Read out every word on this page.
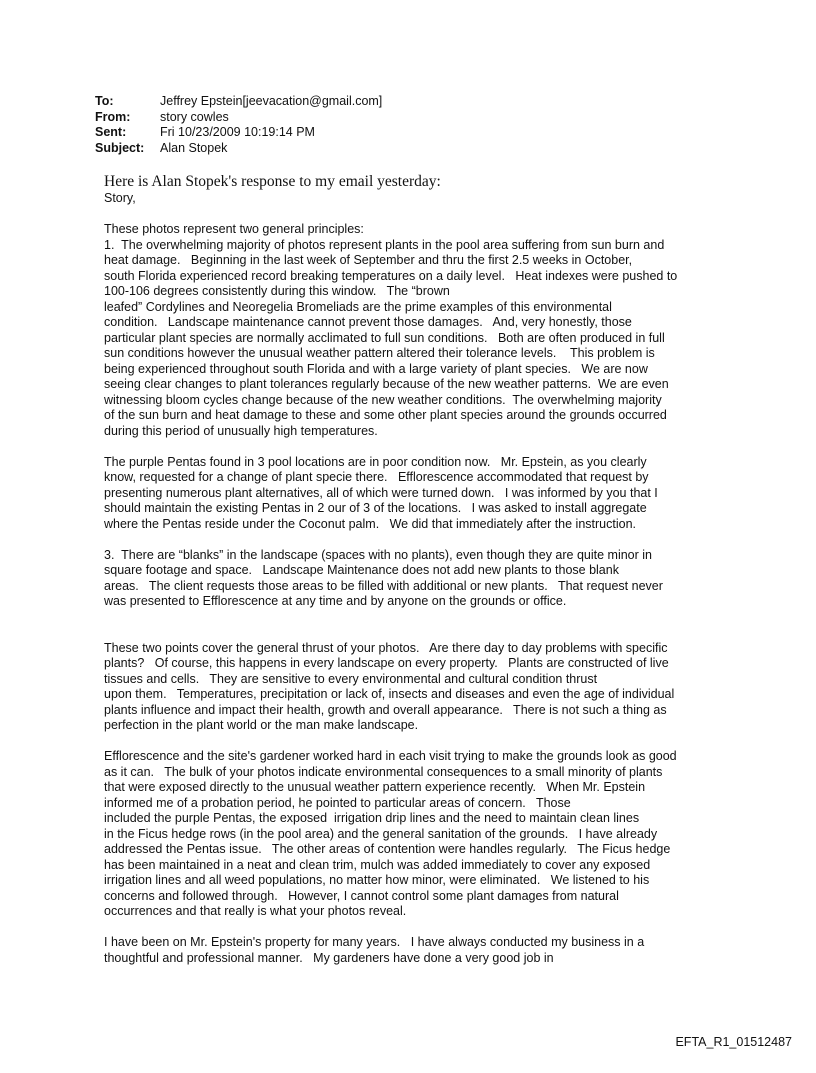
To:	Jeffrey Epstein[jeevacation@gmail.com]
From:	story cowles
Sent:	Fri 10/23/2009 10:19:14 PM
Subject:	Alan Stopek
Here is Alan Stopek's response to my email yesterday:
Story,
These photos represent two general principles:
1.  The overwhelming majority of photos represent plants in the pool area suffering from sun burn and
heat damage.   Beginning in the last week of September and thru the first 2.5 weeks in October,
south Florida experienced record breaking temperatures on a daily level.   Heat indexes were pushed to
100-106 degrees consistently during this window.   The “brown
leafed” Cordylines and Neoregelia Bromeliads are the prime examples of this environmental
condition.   Landscape maintenance cannot prevent those damages.   And, very honestly, those
particular plant species are normally acclimated to full sun conditions.   Both are often produced in full
sun conditions however the unusual weather pattern altered their tolerance levels.    This problem is
being experienced throughout south Florida and with a large variety of plant species.   We are now
seeing clear changes to plant tolerances regularly because of the new weather patterns.  We are even
witnessing bloom cycles change because of the new weather conditions.  The overwhelming majority
of the sun burn and heat damage to these and some other plant species around the grounds occurred
during this period of unusually high temperatures.
The purple Pentas found in 3 pool locations are in poor condition now.   Mr. Epstein, as you clearly
know, requested for a change of plant specie there.   Efflorescence accommodated that request by
presenting numerous plant alternatives, all of which were turned down.   I was informed by you that I
should maintain the existing Pentas in 2 our of 3 of the locations.   I was asked to install aggregate
where the Pentas reside under the Coconut palm.   We did that immediately after the instruction.
3.  There are “blanks” in the landscape (spaces with no plants), even though they are quite minor in
square footage and space.   Landscape Maintenance does not add new plants to those blank
areas.   The client requests those areas to be filled with additional or new plants.   That request never
was presented to Efflorescence at any time and by anyone on the grounds or office.
These two points cover the general thrust of your photos.   Are there day to day problems with specific
plants?   Of course, this happens in every landscape on every property.   Plants are constructed of live
tissues and cells.   They are sensitive to every environmental and cultural condition thrust
upon them.   Temperatures, precipitation or lack of, insects and diseases and even the age of individual
plants influence and impact their health, growth and overall appearance.   There is not such a thing as
perfection in the plant world or the man make landscape.
Efflorescence and the site's gardener worked hard in each visit trying to make the grounds look as good
as it can.   The bulk of your photos indicate environmental consequences to a small minority of plants
that were exposed directly to the unusual weather pattern experience recently.   When Mr. Epstein
informed me of a probation period, he pointed to particular areas of concern.   Those
included the purple Pentas, the exposed  irrigation drip lines and the need to maintain clean lines
in the Ficus hedge rows (in the pool area) and the general sanitation of the grounds.   I have already
addressed the Pentas issue.   The other areas of contention were handles regularly.   The Ficus hedge
has been maintained in a neat and clean trim, mulch was added immediately to cover any exposed
irrigation lines and all weed populations, no matter how minor, were eliminated.   We listened to his
concerns and followed through.   However, I cannot control some plant damages from natural
occurrences and that really is what your photos reveal.
I have been on Mr. Epstein's property for many years.   I have always conducted my business in a
thoughtful and professional manner.   My gardeners have done a very good job in
EFTA_R1_01512487
